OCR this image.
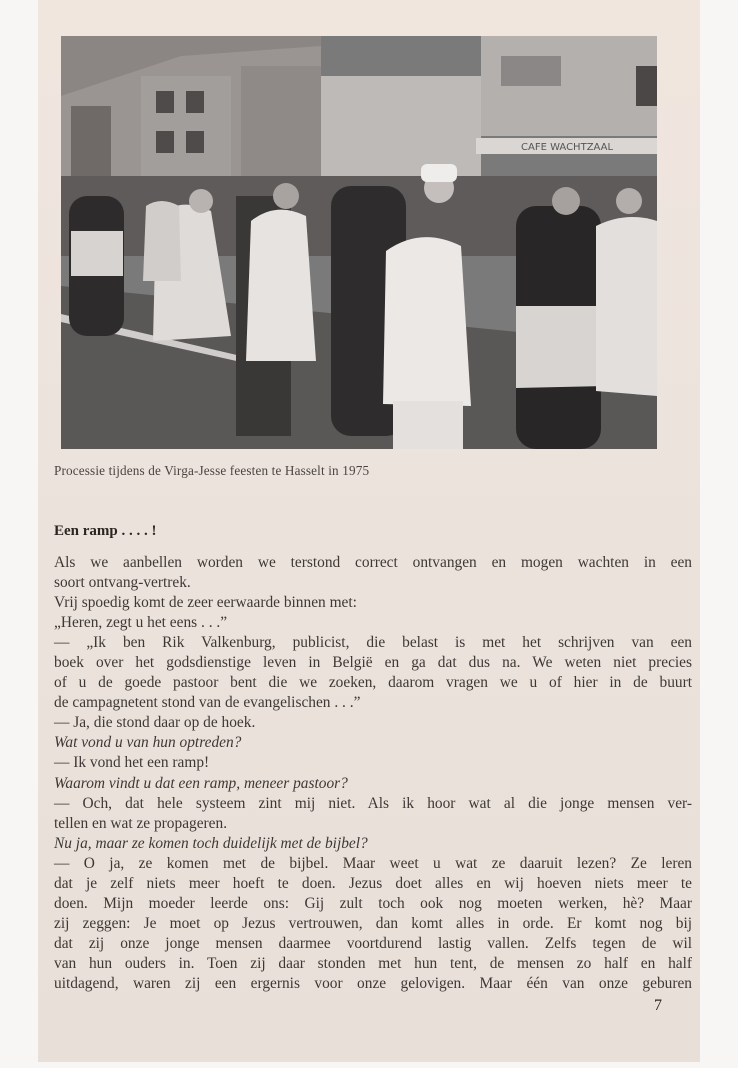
CAFE WACHTZAAL
Processie tijdens de Virga-Jesse feesten te Hasselt in 1975
Een ramp . . . . !
Als we aanbellen worden we terstond correct ontvangen en mogen wachten in een
soort ontvang-vertrek.
Vrij spoedig komt de zeer eerwaarde binnen met:
„Heren, zegt u het eens . . .”
— „Ik ben Rik Valkenburg, publicist, die belast is met het schrijven van een
boek over het godsdienstige leven in België en ga dat dus na. We weten niet precies
of u de goede pastoor bent die we zoeken, daarom vragen we u of hier in de buurt
de campagnetent stond van de evangelischen . . .”
— Ja, die stond daar op de hoek.
Wat vond u van hun optreden?
— Ik vond het een ramp!
Waarom vindt u dat een ramp, meneer pastoor?
— Och, dat hele systeem zint mij niet. Als ik hoor wat al die jonge mensen ver-
tellen en wat ze propageren.
Nu ja, maar ze komen toch duidelijk met de bijbel?
— O ja, ze komen met de bijbel. Maar weet u wat ze daaruit lezen? Ze leren
dat je zelf niets meer hoeft te doen. Jezus doet alles en wij hoeven niets meer te
doen. Mijn moeder leerde ons: Gij zult toch ook nog moeten werken, hè? Maar
zij zeggen: Je moet op Jezus vertrouwen, dan komt alles in orde. Er komt nog bij
dat zij onze jonge mensen daarmee voortdurend lastig vallen. Zelfs tegen de wil
van hun ouders in. Toen zij daar stonden met hun tent, de mensen zo half en half
uitdagend, waren zij een ergernis voor onze gelovigen. Maar één van onze geburen
7
